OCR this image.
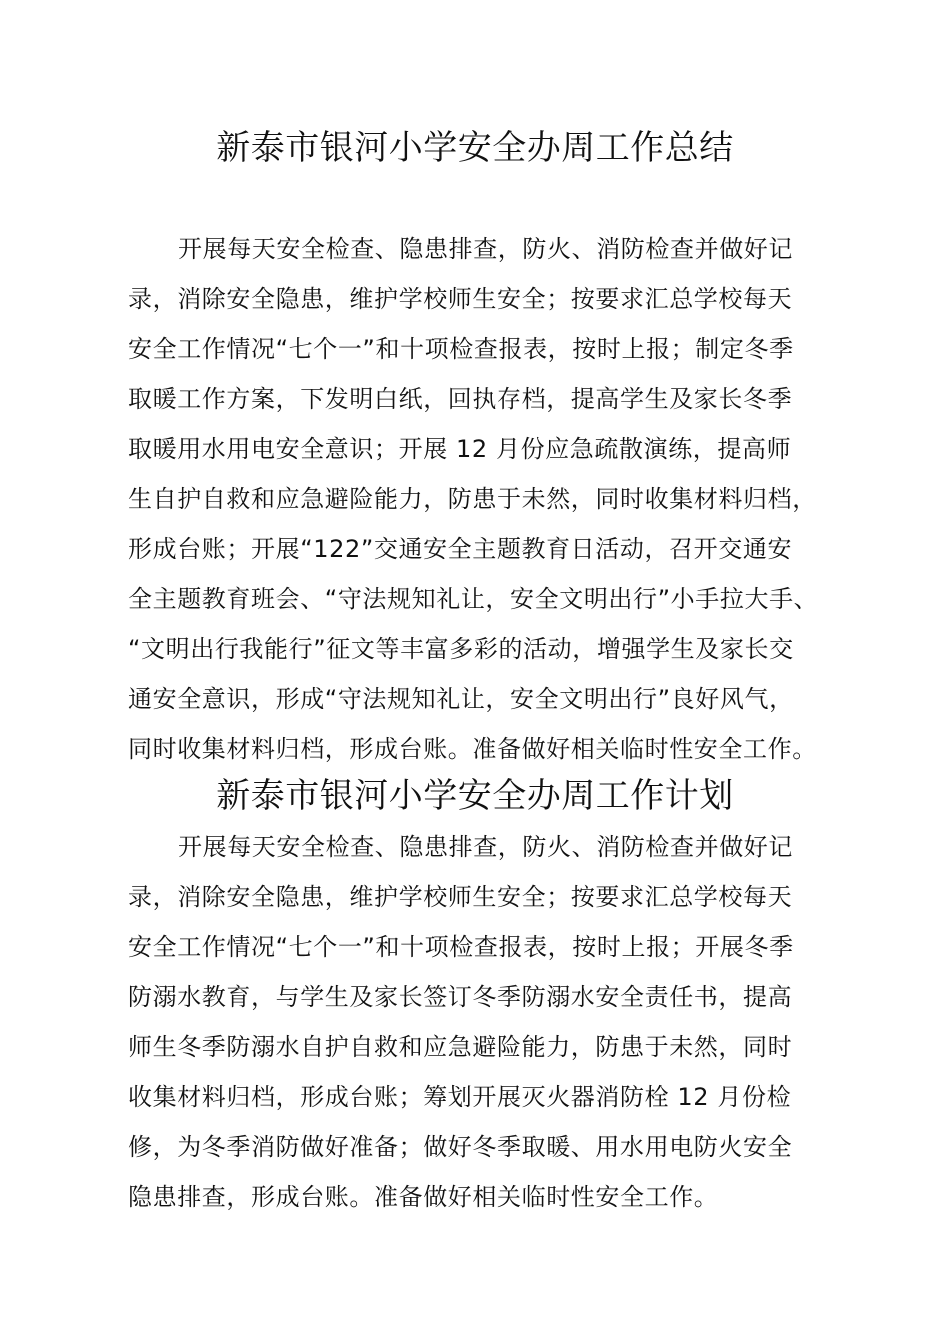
新泰市银河小学安全办周工作总结

开展每天安全检查、隐患排查，防火、消防检查并做好记

录，消除安全隐患，维护学校师生安全；按要求汇总学校每天

安全工作情况“七个一”和十项检查报表，按时上报；制定冬季

取暖工作方案，下发明白纸，回执存档，提高学生及家长冬季

取暖用水用电安全意识；开展 12 月份应急疏散演练，提高师

生自护自救和应急避险能力，防患于未然，同时收集材料归档，

形成台账；开展“122”交通安全主题教育日活动，召开交通安

全主题教育班会、“守法规知礼让，安全文明出行”小手拉大手、

“文明出行我能行”征文等丰富多彩的活动，增强学生及家长交

通安全意识，形成“守法规知礼让，安全文明出行”良好风气，

同时收集材料归档，形成台账。准备做好相关临时性安全工作。

新泰市银河小学安全办周工作计划

开展每天安全检查、隐患排查，防火、消防检查并做好记

录，消除安全隐患，维护学校师生安全；按要求汇总学校每天

安全工作情况“七个一”和十项检查报表，按时上报；开展冬季

防溺水教育，与学生及家长签订冬季防溺水安全责任书，提高

师生冬季防溺水自护自救和应急避险能力，防患于未然，同时

收集材料归档，形成台账；筹划开展灭火器消防栓 12 月份检

修，为冬季消防做好准备；做好冬季取暖、用水用电防火安全

隐患排查，形成台账。准备做好相关临时性安全工作。
